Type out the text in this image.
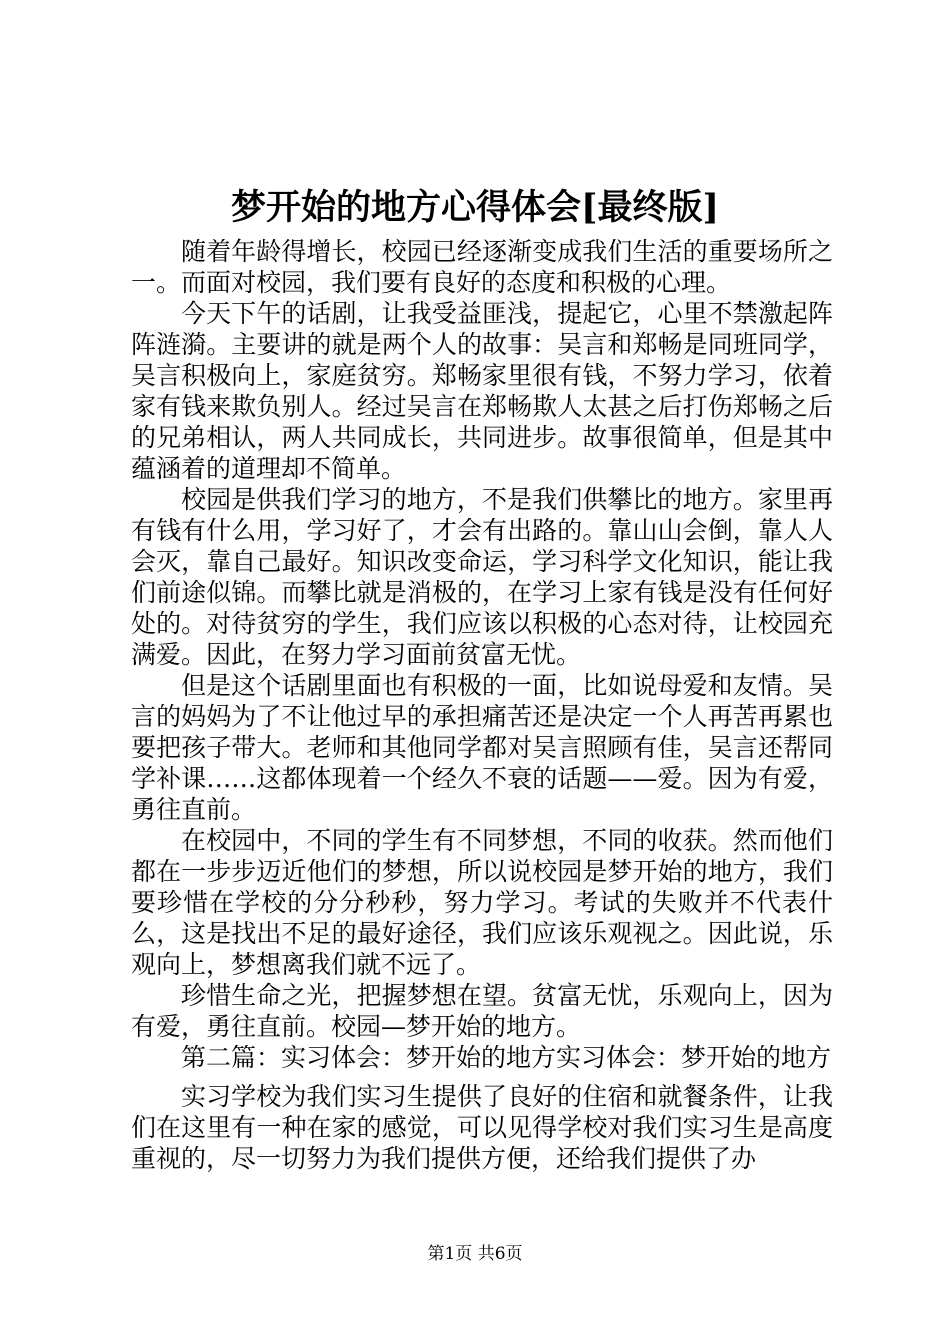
梦开始的地方心得体会[最终版]

随着年龄得增长，校园已经逐渐变成我们生活的重要场所之一。而面对校园，我们要有良好的态度和积极的心理。

今天下午的话剧，让我受益匪浅，提起它，心里不禁激起阵阵涟漪。主要讲的就是两个人的故事：吴言和郑畅是同班同学，吴言积极向上，家庭贫穷。郑畅家里很有钱，不努力学习，依着家有钱来欺负别人。经过吴言在郑畅欺人太甚之后打伤郑畅之后的兄弟相认，两人共同成长，共同进步。故事很简单，但是其中蕴涵着的道理却不简单。

校园是供我们学习的地方，不是我们供攀比的地方。家里再有钱有什么用，学习好了，才会有出路的。靠山山会倒，靠人人会灭，靠自己最好。知识改变命运，学习科学文化知识，能让我们前途似锦。而攀比就是消极的，在学习上家有钱是没有任何好处的。对待贫穷的学生，我们应该以积极的心态对待，让校园充满爱。因此，在努力学习面前贫富无忧。

但是这个话剧里面也有积极的一面，比如说母爱和友情。吴言的妈妈为了不让他过早的承担痛苦还是决定一个人再苦再累也要把孩子带大。老师和其他同学都对吴言照顾有佳，吴言还帮同学补课……这都体现着一个经久不衰的话题——爱。因为有爱，勇往直前。

在校园中，不同的学生有不同梦想，不同的收获。然而他们都在一步步迈近他们的梦想，所以说校园是梦开始的地方，我们要珍惜在学校的分分秒秒，努力学习。考试的失败并不代表什么，这是找出不足的最好途径，我们应该乐观视之。因此说，乐观向上，梦想离我们就不远了。

珍惜生命之光，把握梦想在望。贫富无忧，乐观向上，因为有爱，勇往直前。校园—梦开始的地方。

第二篇：实习体会：梦开始的地方实习体会：梦开始的地方

实习学校为我们实习生提供了良好的住宿和就餐条件，让我们在这里有一种在家的感觉，可以见得学校对我们实习生是高度重视的，尽一切努力为我们提供方便，还给我们提供了办

第1页 共6页
